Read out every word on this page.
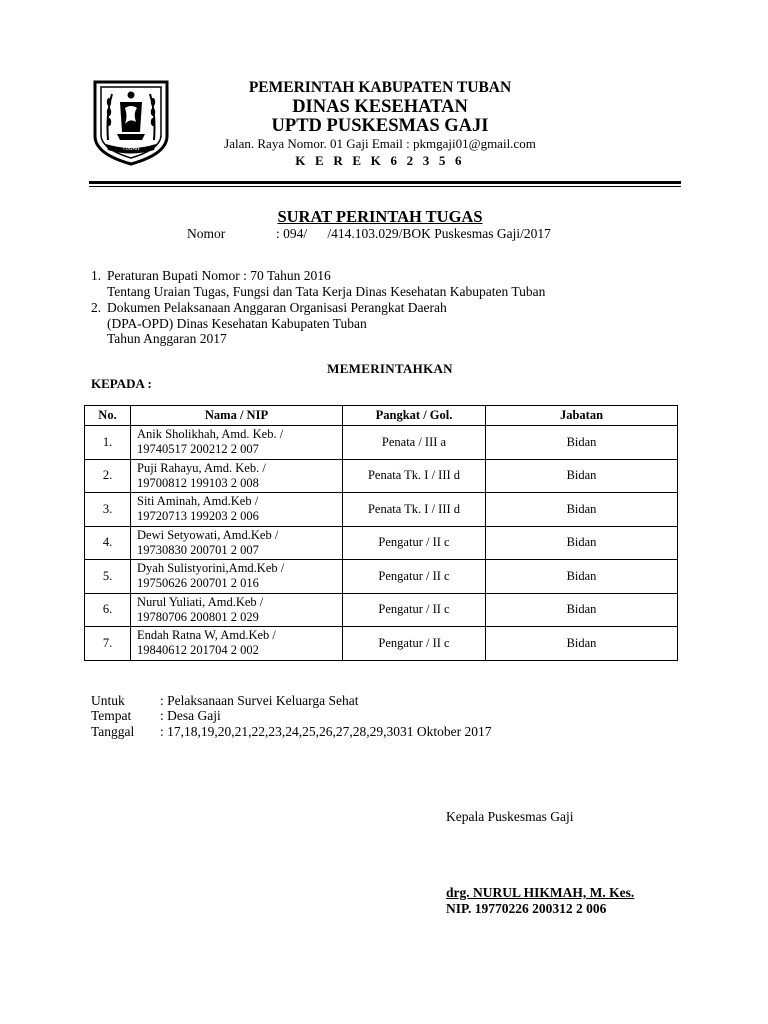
TUBAN
PEMERINTAH KABUPATEN TUBAN
DINAS KESEHATAN
UPTD PUSKESMAS GAJI
Jalan. Raya Nomor. 01 Gaji Email : pkmgaji01@gmail.com
K E R E K 6 2 3 5 6
SURAT PERINTAH TUGAS
Nomor	: 094/      /414.103.029/BOK Puskesmas Gaji/2017
1. Peraturan Bupati Nomor : 70 Tahun 2016
Tentang Uraian Tugas, Fungsi dan Tata Kerja Dinas Kesehatan Kabupaten Tuban
2. Dokumen Pelaksanaan Anggaran Organisasi Perangkat Daerah
(DPA-OPD) Dinas Kesehatan Kabupaten Tuban
Tahun Anggaran 2017
MEMERINTAHKAN
KEPADA :
No.	Nama / NIP	Pangkat / Gol.	Jabatan
1.	Anik Sholikhah, Amd. Keb. /
19740517 200212 2 007	Penata / III a	Bidan
2.	Puji Rahayu, Amd. Keb. /
19700812 199103 2 008	Penata Tk. I / III d	Bidan
3.	Siti Aminah, Amd.Keb /
19720713 199203 2 006	Penata Tk. I / III d	Bidan
4.	Dewi Setyowati, Amd.Keb /
19730830 200701 2 007	Pengatur / II c	Bidan
5.	Dyah Sulistyorini,Amd.Keb /
19750626 200701 2 016	Pengatur / II c	Bidan
6.	Nurul Yuliati, Amd.Keb /
19780706 200801 2 029	Pengatur / II c	Bidan
7.	Endah Ratna W, Amd.Keb /
19840612 201704 2 002	Pengatur / II c	Bidan
Untuk	: Pelaksanaan Survei Keluarga Sehat
Tempat : Desa Gaji
Tanggal : 17,18,19,20,21,22,23,24,25,26,27,28,29,3031 Oktober 2017
Kepala Puskesmas Gaji
drg. NURUL HIKMAH, M. Kes.
NIP. 19770226 200312 2 006
